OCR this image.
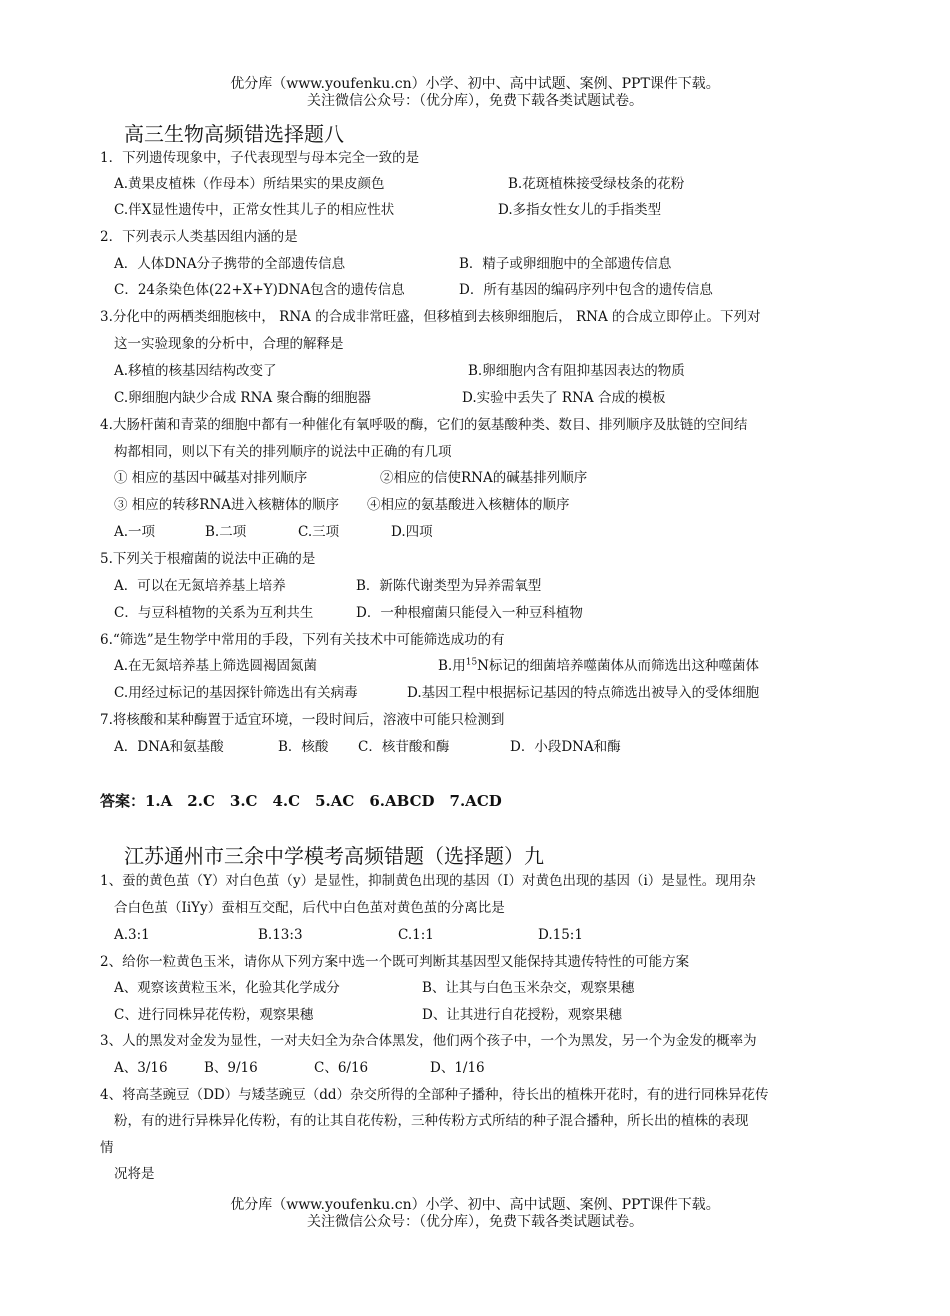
优分库（www.youfenku.cn）小学、初中、高中试题、案例、PPT课件下载。
关注微信公众号：（优分库），免费下载各类试题试卷。
高三生物高频错选择题八
1．下列遗传现象中，子代表现型与母本完全一致的是
A.黄果皮植株（作母本）所结果实的果皮颜色	B.花斑植株接受绿枝条的花粉
C.伴X显性遗传中，正常女性其儿子的相应性状	D.多指女性女儿的手指类型
2．下列表示人类基因组内涵的是
A．人体DNA分子携带的全部遗传信息	B．精子或卵细胞中的全部遗传信息
C．24条染色体(22+X+Y)DNA包含的遗传信息	D．所有基因的编码序列中包含的遗传信息
3.分化中的两栖类细胞核中， RNA 的合成非常旺盛，但移植到去核卵细胞后， RNA 的合成立即停止。下列对
这一实验现象的分析中，合理的解释是
A.移植的核基因结构改变了	B.卵细胞内含有阻抑基因表达的物质
C.卵细胞内缺少合成 RNA 聚合酶的细胞器	D.实验中丢失了 RNA 合成的模板
4.大肠杆菌和青菜的细胞中都有一种催化有氧呼吸的酶，它们的氨基酸种类、数目、排列顺序及肽链的空间结
构都相同，则以下有关的排列顺序的说法中正确的有几项
① 相应的基因中碱基对排列顺序	②相应的信使RNA的碱基排列顺序
③ 相应的转移RNA进入核糖体的顺序 ④相应的氨基酸进入核糖体的顺序
A.一项	B.二项	C.三项	D.四项
5.下列关于根瘤菌的说法中正确的是
A．可以在无氮培养基上培养	B．新陈代谢类型为异养需氧型
C．与豆科植物的关系为互利共生	D．一种根瘤菌只能侵入一种豆科植物
6.“筛选”是生物学中常用的手段，下列有关技术中可能筛选成功的有
A.在无氮培养基上筛选圆褐固氮菌	B.用$^{15}$N标记的细菌培养噬菌体从而筛选出这种噬菌体
C.用经过标记的基因探针筛选出有关病毒	D.基因工程中根据标记基因的特点筛选出被导入的受体细胞
7.将核酸和某种酶置于适宜环境，一段时间后，溶液中可能只检测到
A．DNA和氨基酸	B．核酸 C．核苷酸和酶	D．小段DNA和酶
答案：1.A　2.C　3.C　4.C　5.AC　6.ABCD　7.ACD
江苏通州市三余中学模考高频错题（选择题）九
1、蚕的黄色茧（Y）对白色茧（y）是显性，抑制黄色出现的基因（I）对黄色出现的基因（i）是显性。现用杂
合白色茧（IiYy）蚕相互交配，后代中白色茧对黄色茧的分离比是
A.3:1	B.13:3	C.1:1	D.15:1
2、给你一粒黄色玉米，请你从下列方案中选一个既可判断其基因型又能保持其遗传特性的可能方案
A、观察该黄粒玉米，化验其化学成分	B、让其与白色玉米杂交，观察果穗
C、进行同株异花传粉，观察果穗	D、让其进行自花授粉，观察果穗
3、人的黑发对金发为显性，一对夫妇全为杂合体黑发，他们两个孩子中，一个为黑发，另一个为金发的概率为
A、3/16	B、9/16	C、6/16	D、1/16
4、将高茎豌豆（DD）与矮茎豌豆（dd）杂交所得的全部种子播种，待长出的植株开花时，有的进行同株异花传
粉，有的进行异株异化传粉，有的让其自花传粉，三种传粉方式所结的种子混合播种，所长出的植株的表现
情
况将是
优分库（www.youfenku.cn）小学、初中、高中试题、案例、PPT课件下载。
关注微信公众号：（优分库），免费下载各类试题试卷。
